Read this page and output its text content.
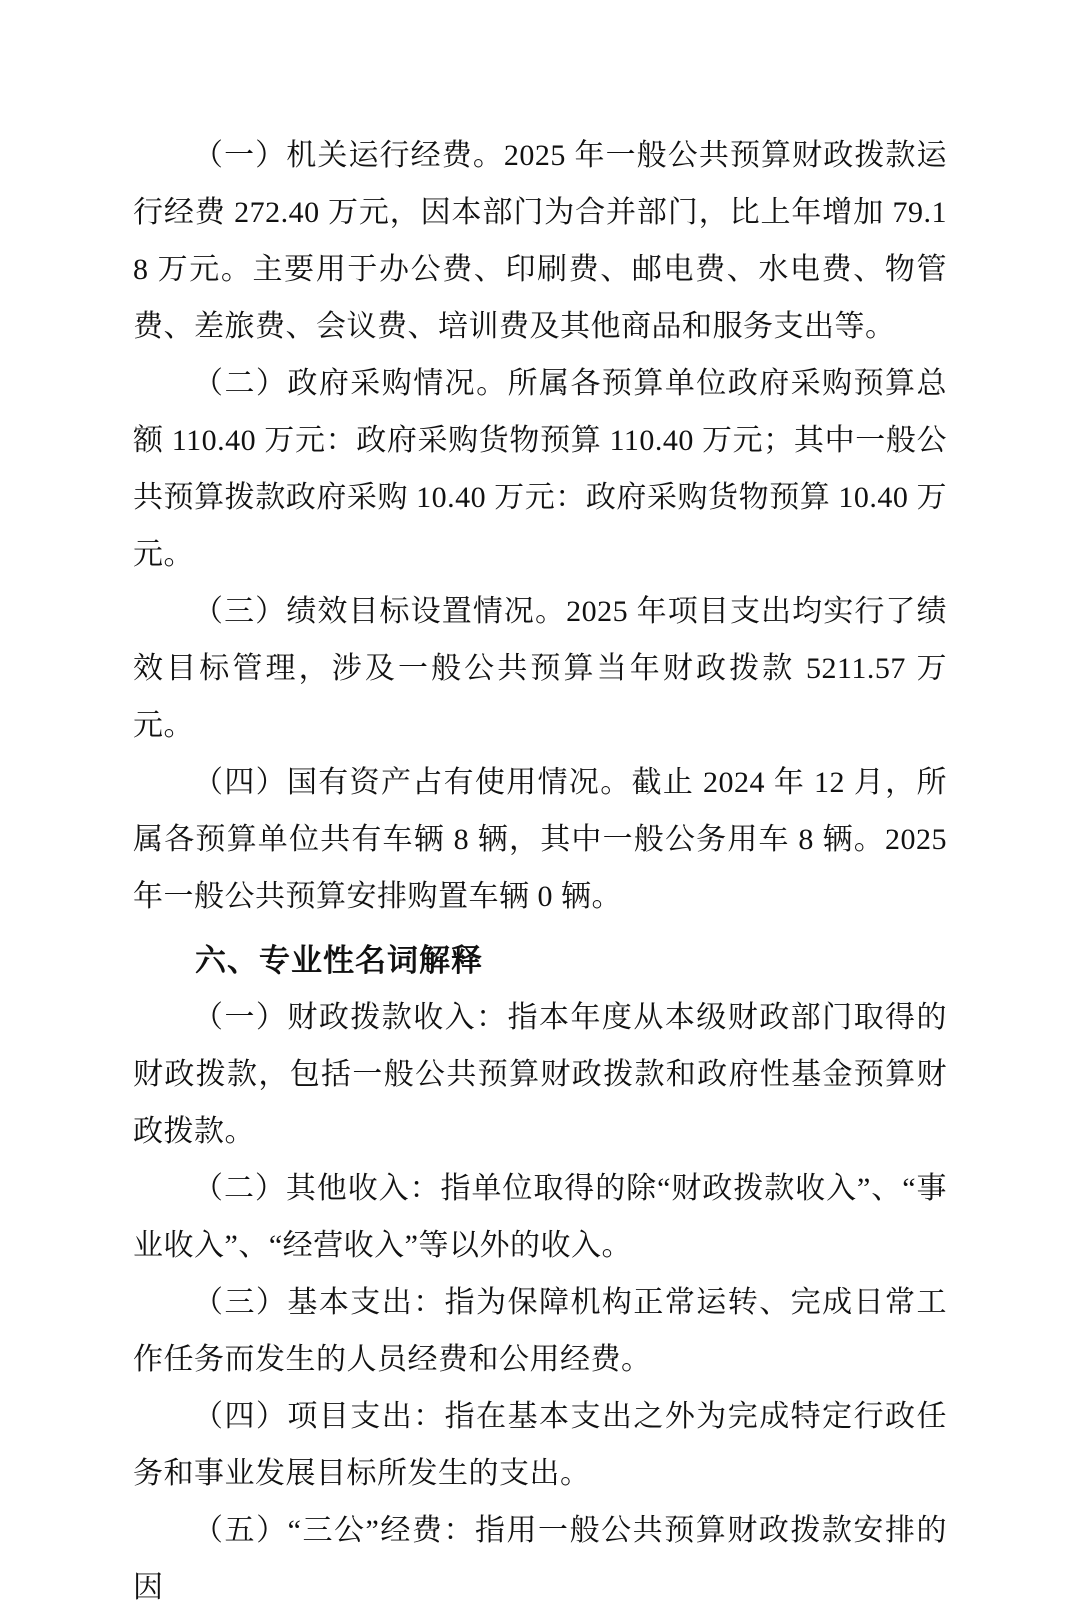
（一）机关运行经费。2025 年一般公共预算财政拨款运行经费 272.40 万元，因本部门为合并部门，比上年增加 79.18 万元。主要用于办公费、印刷费、邮电费、水电费、物管费、差旅费、会议费、培训费及其他商品和服务支出等。

（二）政府采购情况。所属各预算单位政府采购预算总额 110.40 万元：政府采购货物预算 110.40 万元；其中一般公共预算拨款政府采购 10.40 万元：政府采购货物预算 10.40 万元。

（三）绩效目标设置情况。2025 年项目支出均实行了绩效目标管理，涉及一般公共预算当年财政拨款 5211.57 万元。

（四）国有资产占有使用情况。截止 2024 年 12 月，所属各预算单位共有车辆 8 辆，其中一般公务用车 8 辆。2025 年一般公共预算安排购置车辆 0 辆。

六、专业性名词解释

（一）财政拨款收入：指本年度从本级财政部门取得的财政拨款，包括一般公共预算财政拨款和政府性基金预算财政拨款。

（二）其他收入：指单位取得的除“财政拨款收入”、“事业收入”、“经营收入”等以外的收入。

（三）基本支出：指为保障机构正常运转、完成日常工作任务而发生的人员经费和公用经费。

（四）项目支出：指在基本支出之外为完成特定行政任务和事业发展目标所发生的支出。

（五）“三公”经费：指用一般公共预算财政拨款安排的因
